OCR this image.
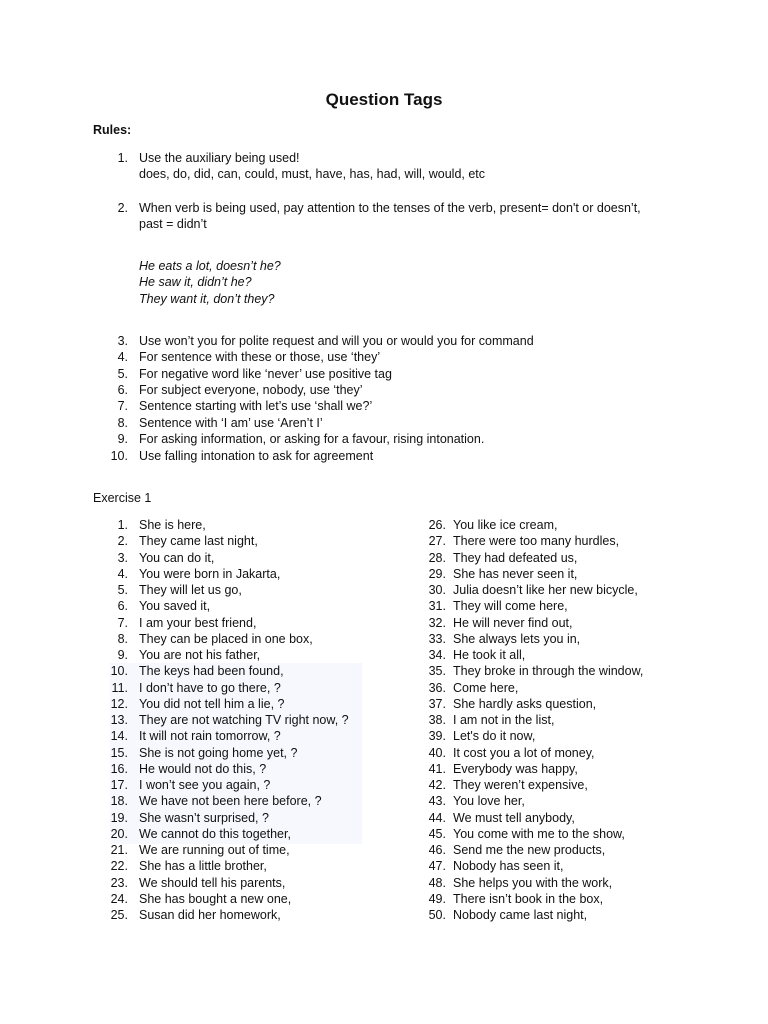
Question Tags
Rules:
1. Use the auxiliary being used!
does, do, did, can, could, must, have, has, had, will, would, etc
2. When verb is being used, pay attention to the tenses of the verb, present= don't or doesn’t,
past = didn’t
He eats a lot, doesn’t he?
He saw it, didn’t he?
They want it, don’t they?
3. Use won’t you for polite request and will you or would you for command
4. For sentence with these or those, use ‘they’
5. For negative word like ‘never’ use positive tag
6. For subject everyone, nobody, use ‘they’
7. Sentence starting with let’s use ‘shall we?’
8. Sentence with ‘I am’ use ‘Aren’t I’
9. For asking information, or asking for a favour, rising intonation.
10. Use falling intonation to ask for agreement
Exercise 1
1. She is here,
2. They came last night,
3. You can do it,
4. You were born in Jakarta,
5. They will let us go,
6. You saved it,
7. I am your best friend,
8. They can be placed in one box,
9. You are not his father,
10. The keys had been found,
11. I don’t have to go there, ?
12. You did not tell him a lie, ?
13. They are not watching TV right now, ?
14. It will not rain tomorrow, ?
15. She is not going home yet, ?
16. He would not do this, ?
17. I won’t see you again, ?
18. We have not been here before, ?
19. She wasn’t surprised, ?
20. We cannot do this together,
21. We are running out of time,
22. She has a little brother,
23. We should tell his parents,
24. She has bought a new one,
25. Susan did her homework,
26. You like ice cream,
27. There were too many hurdles,
28. They had defeated us,
29. She has never seen it,
30. Julia doesn’t like her new bicycle,
31. They will come here,
32. He will never find out,
33. She always lets you in,
34. He took it all,
35. They broke in through the window,
36. Come here,
37. She hardly asks question,
38. I am not in the list,
39. Let's do it now,
40. It cost you a lot of money,
41. Everybody was happy,
42. They weren’t expensive,
43. You love her,
44. We must tell anybody,
45. You come with me to the show,
46. Send me the new products,
47. Nobody has seen it,
48. She helps you with the work,
49. There isn’t book in the box,
50. Nobody came last night,
